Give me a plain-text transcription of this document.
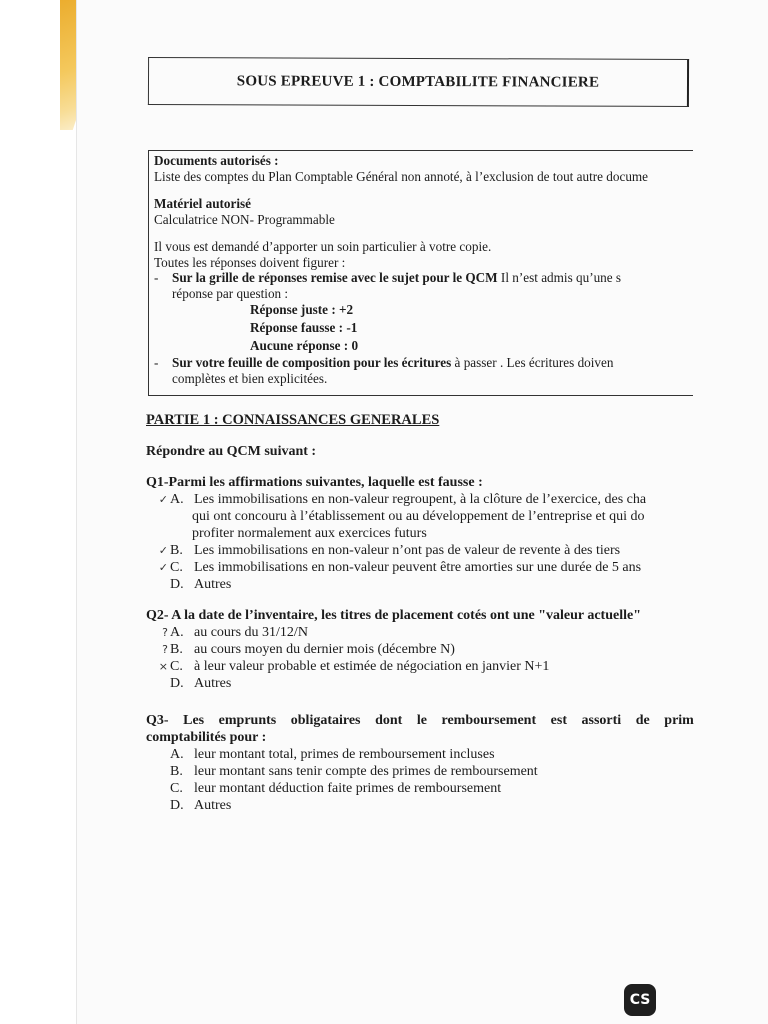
SOUS EPREUVE 1 : COMPTABILITE FINANCIERE
Documents autorisés :
Liste des comptes du Plan Comptable Général non annoté, à l’exclusion de tout autre docume
Matériel autorisé
Calculatrice NON- Programmable
Il vous est demandé d’apporter un soin particulier à votre copie.
Toutes les réponses doivent figurer :
-	Sur la grille de réponses remise avec le sujet pour le QCM Il n’est admis qu’une s
réponse par question :
Réponse juste : +2
Réponse fausse : -1
Aucune réponse : 0
-	Sur votre feuille de composition pour les écritures à passer . Les écritures doiven
complètes et bien explicitées.
PARTIE 1 : CONNAISSANCES GENERALES
Répondre au QCM suivant :
Q1-Parmi les affirmations suivantes, laquelle est fausse :
✓ A. Les immobilisations en non-valeur regroupent, à la clôture de l’exercice, des cha
qui ont concouru à l’établissement ou au développement de l’entreprise et qui do
profiter normalement aux exercices futurs
✓ B. Les immobilisations en non-valeur n’ont pas de valeur de revente à des tiers
✓ C. Les immobilisations en non-valeur peuvent être amorties sur une durée de 5 ans
D. Autres
Q2- A la date de l’inventaire, les titres de placement cotés ont une "valeur actuelle"
? A. au cours du 31/12/N
? B. au cours moyen du dernier mois (décembre N)
× C. à leur valeur probable et estimée de négociation en janvier N+1
D. Autres
Q3- Les emprunts obligataires dont le remboursement est assorti de prim
comptabilités pour :
A. leur montant total, primes de remboursement incluses
B. leur montant sans tenir compte des primes de remboursement
C. leur montant déduction faite primes de remboursement
D. Autres
CS
